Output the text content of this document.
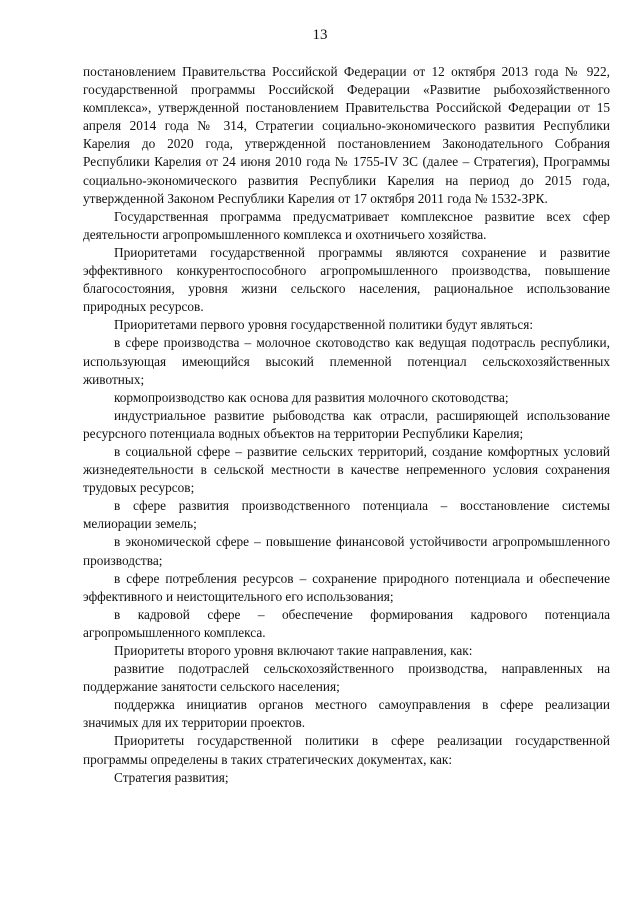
13

постановлением Правительства Российской Федерации от 12 октября 2013 года № 922, государственной программы Российской Федерации «Развитие рыбохозяйственного комплекса», утвержденной постановлением Правительства Российской Федерации от 15 апреля 2014 года № 314, Стратегии социально-экономического развития Республики Карелия до 2020 года, утвержденной постановлением Законодательного Собрания Республики Карелия от 24 июня 2010 года № 1755-IV ЗС (далее – Стратегия), Программы социально-экономического развития Республики Карелия на период до 2015 года, утвержденной Законом Республики Карелия от 17 октября 2011 года № 1532-ЗРК.

Государственная программа предусматривает комплексное развитие всех сфер деятельности агропромышленного комплекса и охотничьего хозяйства.

Приоритетами государственной программы являются сохранение и развитие эффективного конкурентоспособного агропромышленного производства, повышение благосостояния, уровня жизни сельского населения, рациональное использование природных ресурсов.

Приоритетами первого уровня государственной политики будут являться:

в сфере производства – молочное скотоводство как ведущая подотрасль республики, использующая имеющийся высокий племенной потенциал сельскохозяйственных животных;

кормопроизводство как основа для развития молочного скотоводства;

индустриальное развитие рыбоводства как отрасли, расширяющей использование ресурсного потенциала водных объектов на территории Республики Карелия;

в социальной сфере – развитие сельских территорий, создание комфортных условий жизнедеятельности в сельской местности в качестве непременного условия сохранения трудовых ресурсов;

в сфере развития производственного потенциала – восстановление системы мелиорации земель;

в экономической сфере – повышение финансовой устойчивости агропромышленного производства;

в сфере потребления ресурсов – сохранение природного потенциала и обеспечение эффективного и неистощительного его использования;

в кадровой сфере – обеспечение формирования кадрового потенциала агропромышленного комплекса.

Приоритеты второго уровня включают такие направления, как:

развитие подотраслей сельскохозяйственного производства, направленных на поддержание занятости сельского населения;

поддержка инициатив органов местного самоуправления в сфере реализации значимых для их территории проектов.

Приоритеты государственной политики в сфере реализации государственной программы определены в таких стратегических документах, как:

Стратегия развития;
